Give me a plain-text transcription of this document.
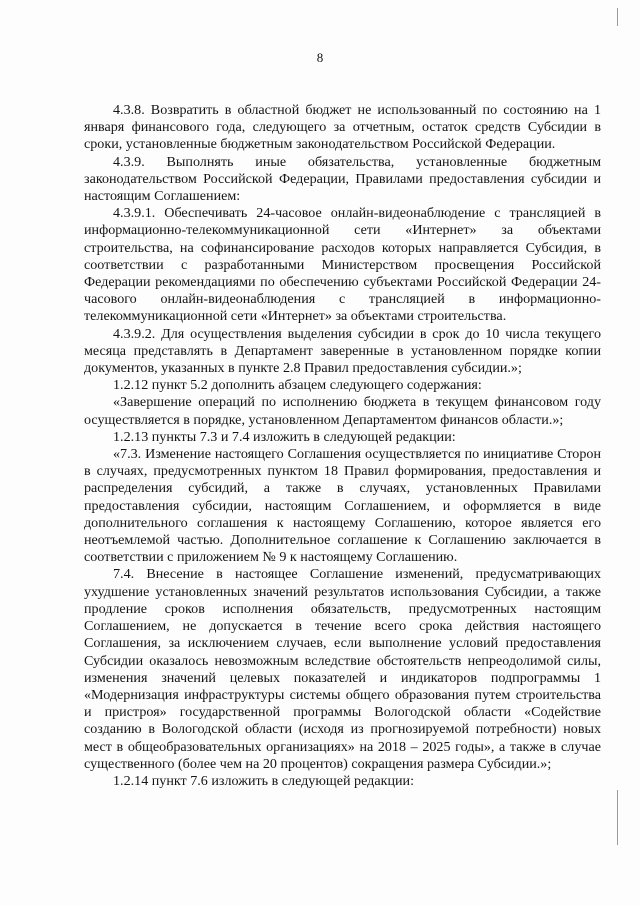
8

4.3.8. Возвратить в областной бюджет не использованный по состоянию на 1 января финансового года, следующего за отчетным, остаток средств Субсидии в сроки, установленные бюджетным законодательством Российской Федерации.

4.3.9. Выполнять иные обязательства, установленные бюджетным законодательством Российской Федерации, Правилами предоставления субсидии и настоящим Соглашением:

4.3.9.1. Обеспечивать 24-часовое онлайн-видеонаблюдение с трансляцией в информационно-телекоммуникационной сети «Интернет» за объектами строительства, на софинансирование расходов которых направляется Субсидия, в соответствии с разработанными Министерством просвещения Российской Федерации рекомендациями по обеспечению субъектами Российской Федерации 24-часового онлайн-видеонаблюдения с трансляцией в информационно-телекоммуникационной сети «Интернет» за объектами строительства.

4.3.9.2. Для осуществления выделения субсидии в срок до 10 числа текущего месяца представлять в Департамент заверенные в установленном порядке копии документов, указанных в пункте 2.8 Правил предоставления субсидии.»;

1.2.12 пункт 5.2 дополнить абзацем следующего содержания:

«Завершение операций по исполнению бюджета в текущем финансовом году осуществляется в порядке, установленном Департаментом финансов области.»;

1.2.13 пункты 7.3 и 7.4 изложить в следующей редакции:

«7.3. Изменение настоящего Соглашения осуществляется по инициативе Сторон в случаях, предусмотренных пунктом 18 Правил формирования, предоставления и распределения субсидий, а также в случаях, установленных Правилами предоставления субсидии, настоящим Соглашением, и оформляется в виде дополнительного соглашения к настоящему Соглашению, которое является его неотъемлемой частью. Дополнительное соглашение к Соглашению заключается в соответствии с приложением № 9 к настоящему Соглашению.

7.4. Внесение в настоящее Соглашение изменений, предусматривающих ухудшение установленных значений результатов использования Субсидии, а также продление сроков исполнения обязательств, предусмотренных настоящим Соглашением, не допускается в течение всего срока действия настоящего Соглашения, за исключением случаев, если выполнение условий предоставления Субсидии оказалось невозможным вследствие обстоятельств непреодолимой силы, изменения значений целевых показателей и индикаторов подпрограммы 1 «Модернизация инфраструктуры системы общего образования путем строительства и пристроя» государственной программы Вологодской области «Содействие созданию в Вологодской области (исходя из прогнозируемой потребности) новых мест в общеобразовательных организациях» на 2018 – 2025 годы», а также в случае существенного (более чем на 20 процентов) сокращения размера Субсидии.»;

1.2.14 пункт 7.6 изложить в следующей редакции:
